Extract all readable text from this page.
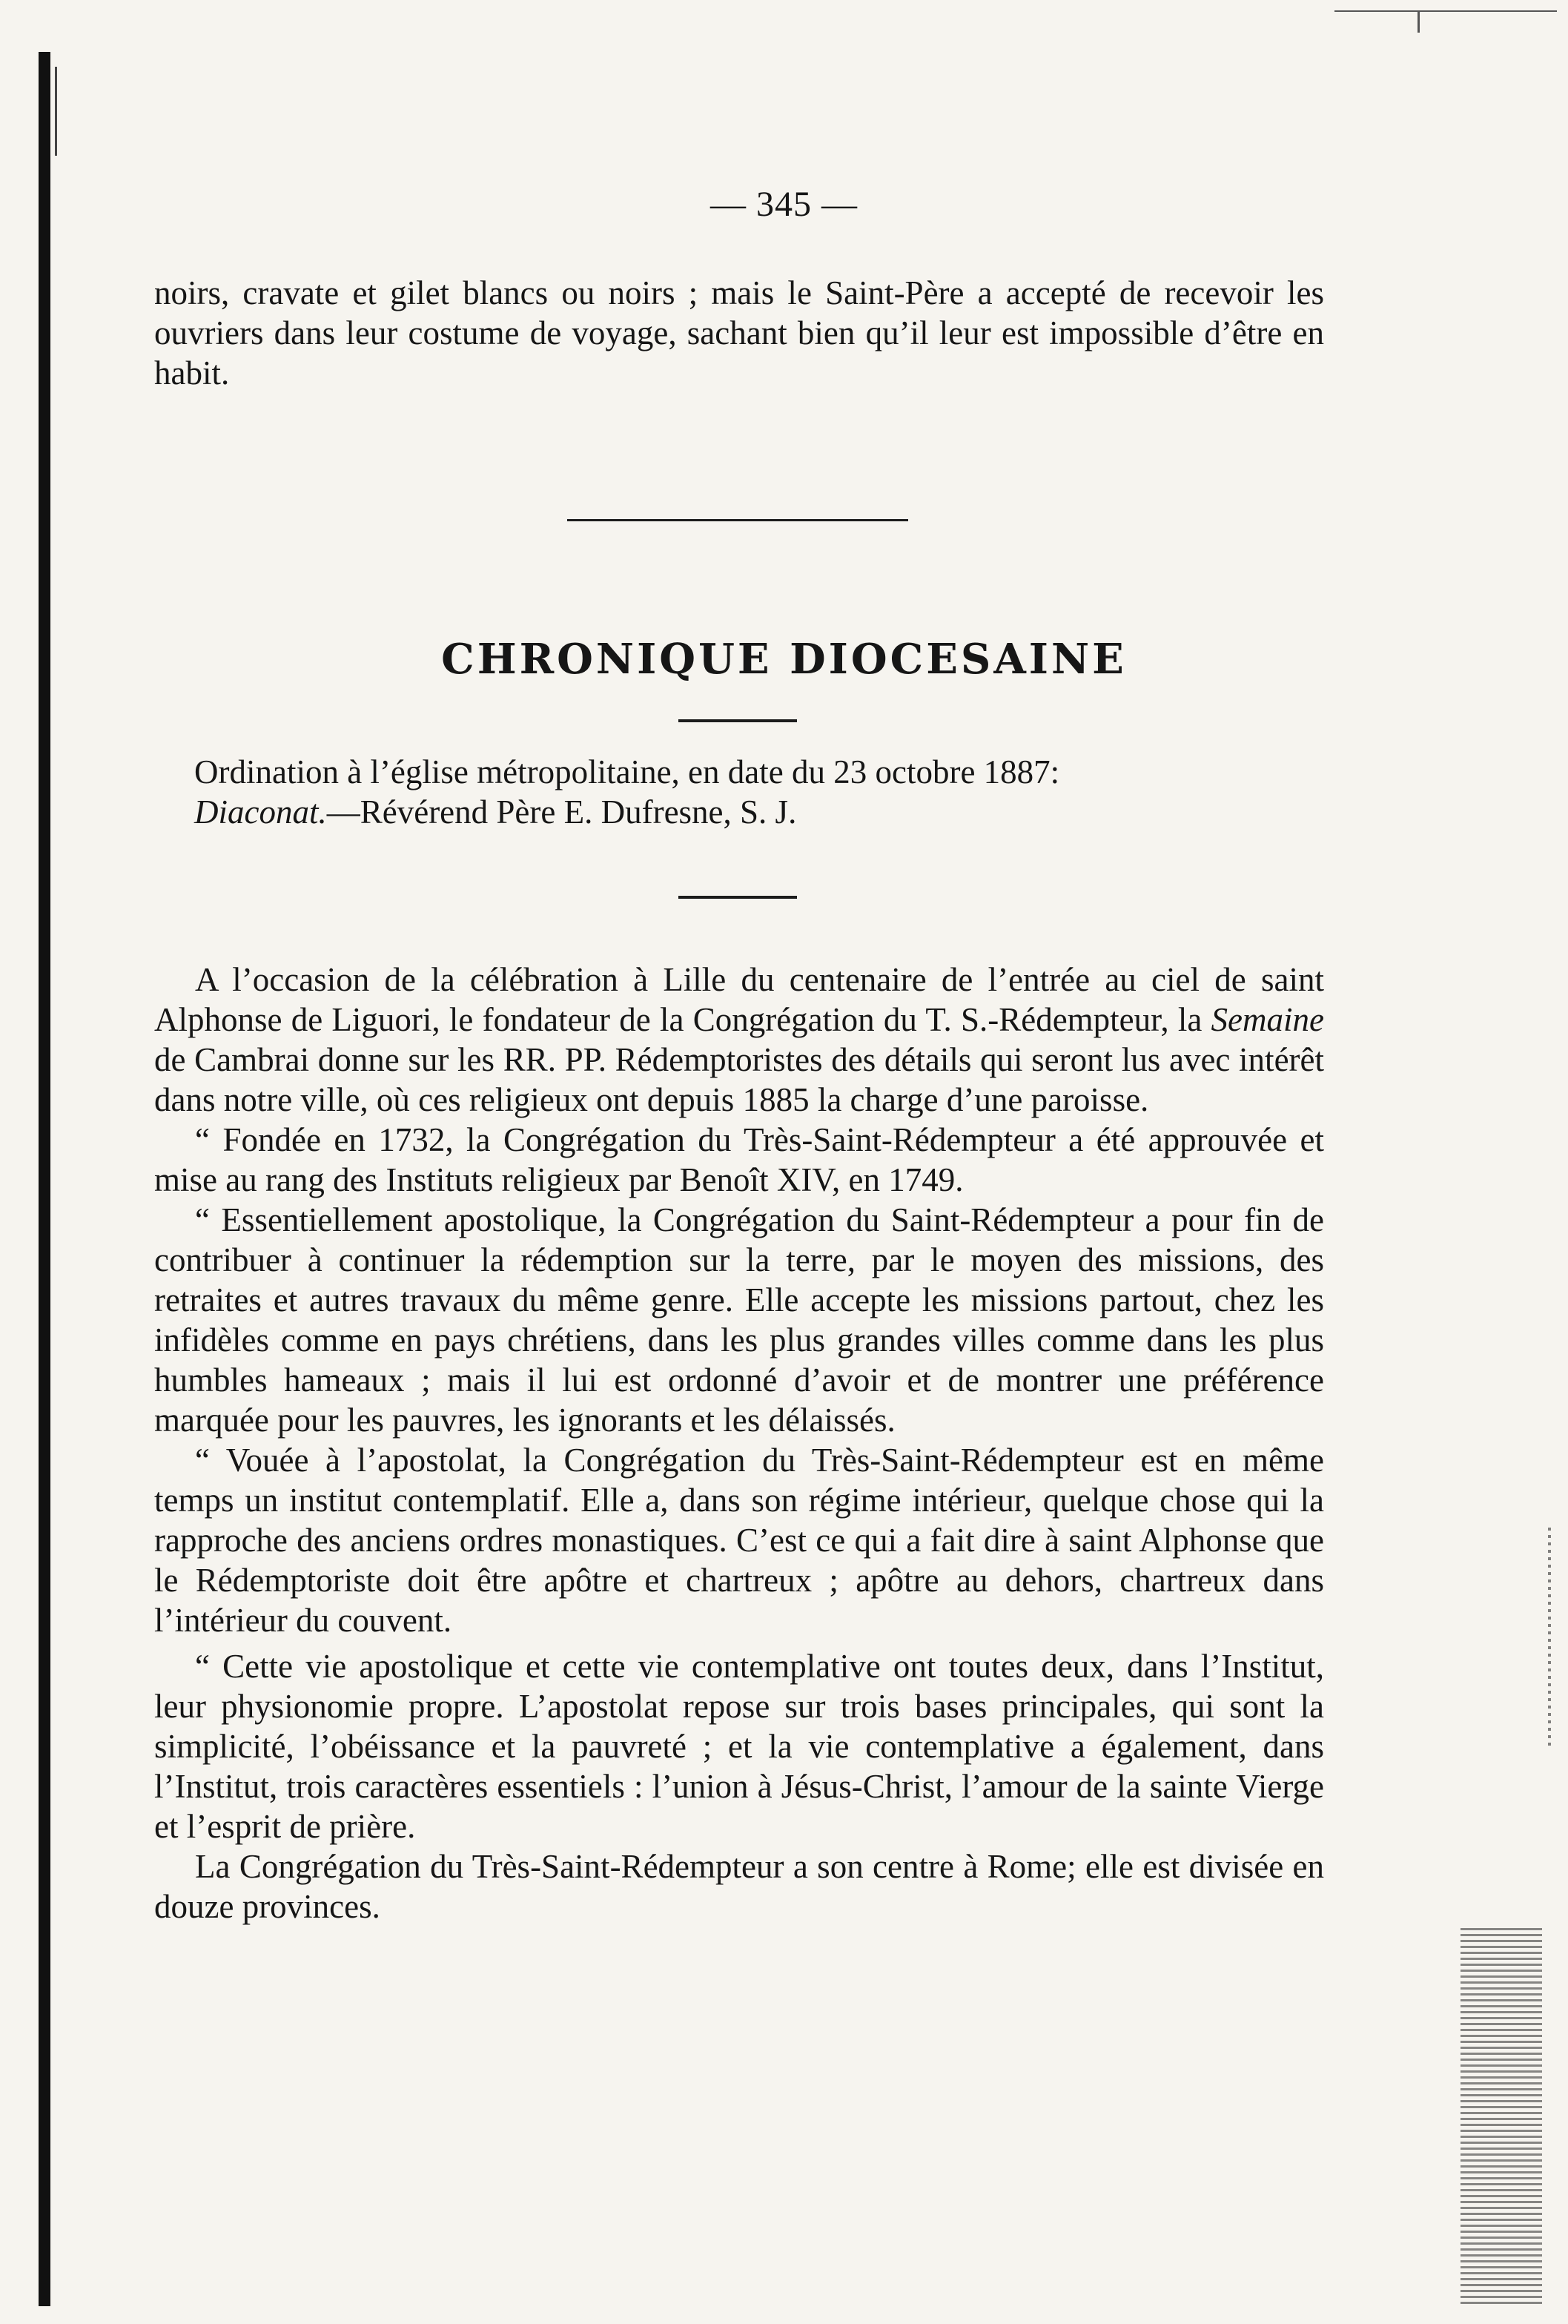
— 345 —

noirs, cravate et gilet blancs ou noirs ; mais le Saint-Père a accepté de recevoir les ouvriers dans leur costume de voyage, sachant bien qu’il leur est impossible d’être en habit.

CHRONIQUE DIOCESAINE

Ordination à l’église métropolitaine, en date du 23 octobre 1887:

Diaconat.—Révérend Père E. Dufresne, S. J.

A l’occasion de la célébration à Lille du centenaire de l’entrée au ciel de saint Alphonse de Liguori, le fondateur de la Congrégation du T. S.-Rédempteur, la Semaine de Cambrai donne sur les RR. PP. Rédemptoristes des détails qui seront lus avec intérêt dans notre ville, où ces religieux ont depuis 1885 la charge d’une paroisse.

“ Fondée en 1732, la Congrégation du Très-Saint-Rédempteur a été approuvée et mise au rang des Instituts religieux par Benoît XIV, en 1749.

“ Essentiellement apostolique, la Congrégation du Saint-Rédempteur a pour fin de contribuer à continuer la rédemption sur la terre, par le moyen des missions, des retraites et autres travaux du même genre. Elle accepte les missions partout, chez les infidèles comme en pays chrétiens, dans les plus grandes villes comme dans les plus humbles hameaux ; mais il lui est ordonné d’avoir et de montrer une préférence marquée pour les pauvres, les ignorants et les délaissés.

“ Vouée à l’apostolat, la Congrégation du Très-Saint-Rédempteur est en même temps un institut contemplatif. Elle a, dans son régime intérieur, quelque chose qui la rapproche des anciens ordres monastiques. C’est ce qui a fait dire à saint Alphonse que le Rédemptoriste doit être apôtre et chartreux ; apôtre au dehors, chartreux dans l’intérieur du couvent.

“ Cette vie apostolique et cette vie contemplative ont toutes deux, dans l’Institut, leur physionomie propre. L’apostolat repose sur trois bases principales, qui sont la simplicité, l’obéissance et la pauvreté ; et la vie contemplative a également, dans l’Institut, trois caractères essentiels : l’union à Jésus-Christ, l’amour de la sainte Vierge et l’esprit de prière.

La Congrégation du Très-Saint-Rédempteur a son centre à Rome; elle est divisée en douze provinces.
